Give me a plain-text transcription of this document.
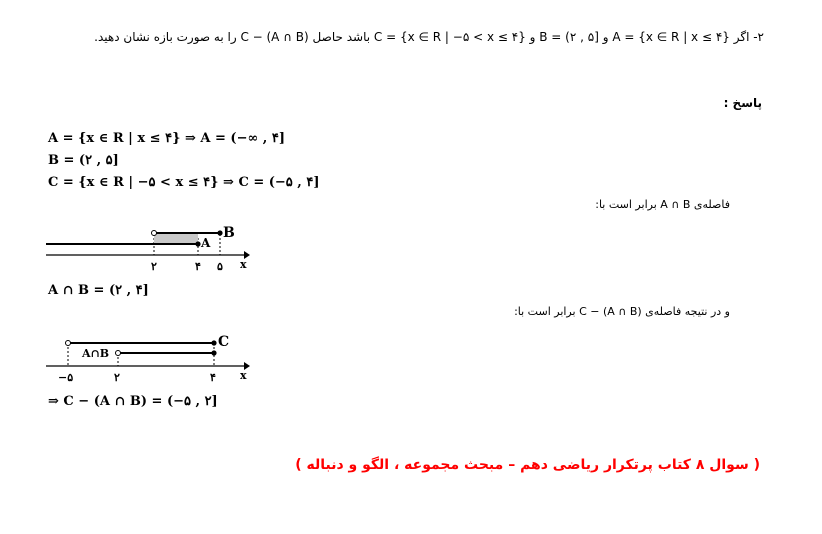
۲- اگر {A = {x ∈ R | x ≤ ۴ و [۵ , ۲) = B و {C = {x ∈ R | −۵ < x ≤ ۴ باشد حاصل (C − (A ∩ B را به صورت بازه نشان دهید.
پاسخ :
A = {x ∈ R | x ≤ ۴} ⇒ A = (−∞ , ۴]
B = (۲ , ۵]
C = {x ∈ R | −۵ < x ≤ ۴} ⇒ C = (−۵ , ۴]
فاصله‌ی A ∩ B برابر است با:
x
B
A
۲	۴ ۵
A ∩ B = (۲ , ۴]
و در نتیجه فاصله‌ی (C − (A ∩ B برابر است با:
x
C
A∩B
−۵	۲	۴
⇒ C − (A ∩ B) = (−۵ , ۲]
( سوال ۸ کتاب پرتکرار ریاضی دهم – مبحث مجموعه ، الگو و دنباله )
